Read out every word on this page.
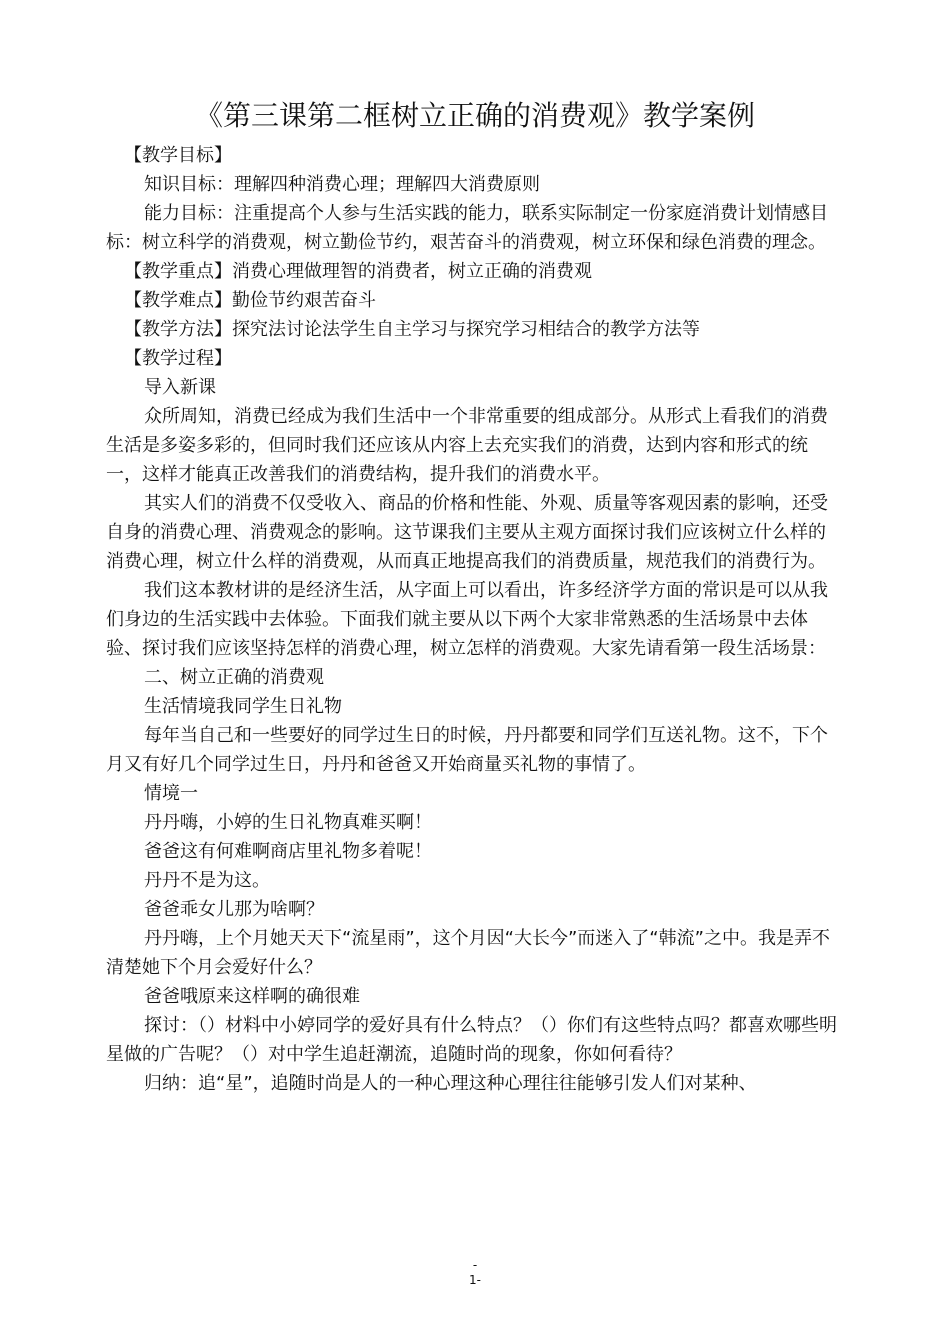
《第三课第二框树立正确的消费观》教学案例

【教学目标】

知识目标：理解四种消费心理；理解四大消费原则

能力目标：注重提高个人参与生活实践的能力，联系实际制定一份家庭消费计划情感目标：树立科学的消费观，树立勤俭节约，艰苦奋斗的消费观，树立环保和绿色消费的理念。

【教学重点】消费心理做理智的消费者，树立正确的消费观

【教学难点】勤俭节约艰苦奋斗

【教学方法】探究法讨论法学生自主学习与探究学习相结合的教学方法等

【教学过程】

导入新课

众所周知，消费已经成为我们生活中一个非常重要的组成部分。从形式上看我们的消费生活是多姿多彩的，但同时我们还应该从内容上去充实我们的消费，达到内容和形式的统一，这样才能真正改善我们的消费结构，提升我们的消费水平。

其实人们的消费不仅受收入、商品的价格和性能、外观、质量等客观因素的影响，还受自身的消费心理、消费观念的影响。这节课我们主要从主观方面探讨我们应该树立什么样的消费心理，树立什么样的消费观，从而真正地提高我们的消费质量，规范我们的消费行为。

我们这本教材讲的是经济生活，从字面上可以看出，许多经济学方面的常识是可以从我们身边的生活实践中去体验。下面我们就主要从以下两个大家非常熟悉的生活场景中去体验、探讨我们应该坚持怎样的消费心理，树立怎样的消费观。大家先请看第一段生活场景：

二、树立正确的消费观

生活情境我同学生日礼物

每年当自己和一些要好的同学过生日的时候，丹丹都要和同学们互送礼物。这不，下个月又有好几个同学过生日，丹丹和爸爸又开始商量买礼物的事情了。

情境一

丹丹嗨，小婷的生日礼物真难买啊！

爸爸这有何难啊商店里礼物多着呢！

丹丹不是为这。

爸爸乖女儿那为啥啊？

丹丹嗨，上个月她天天下“流星雨”，这个月因“大长今”而迷入了“韩流”之中。我是弄不清楚她下个月会爱好什么？

爸爸哦原来这样啊的确很难

探讨：（）材料中小婷同学的爱好具有什么特点？（）你们有这些特点吗？都喜欢哪些明星做的广告呢？（）对中学生追赶潮流，追随时尚的现象，你如何看待？

归纳：追“星”，追随时尚是人的一种心理这种心理往往能够引发人们对某种、

-
1-
